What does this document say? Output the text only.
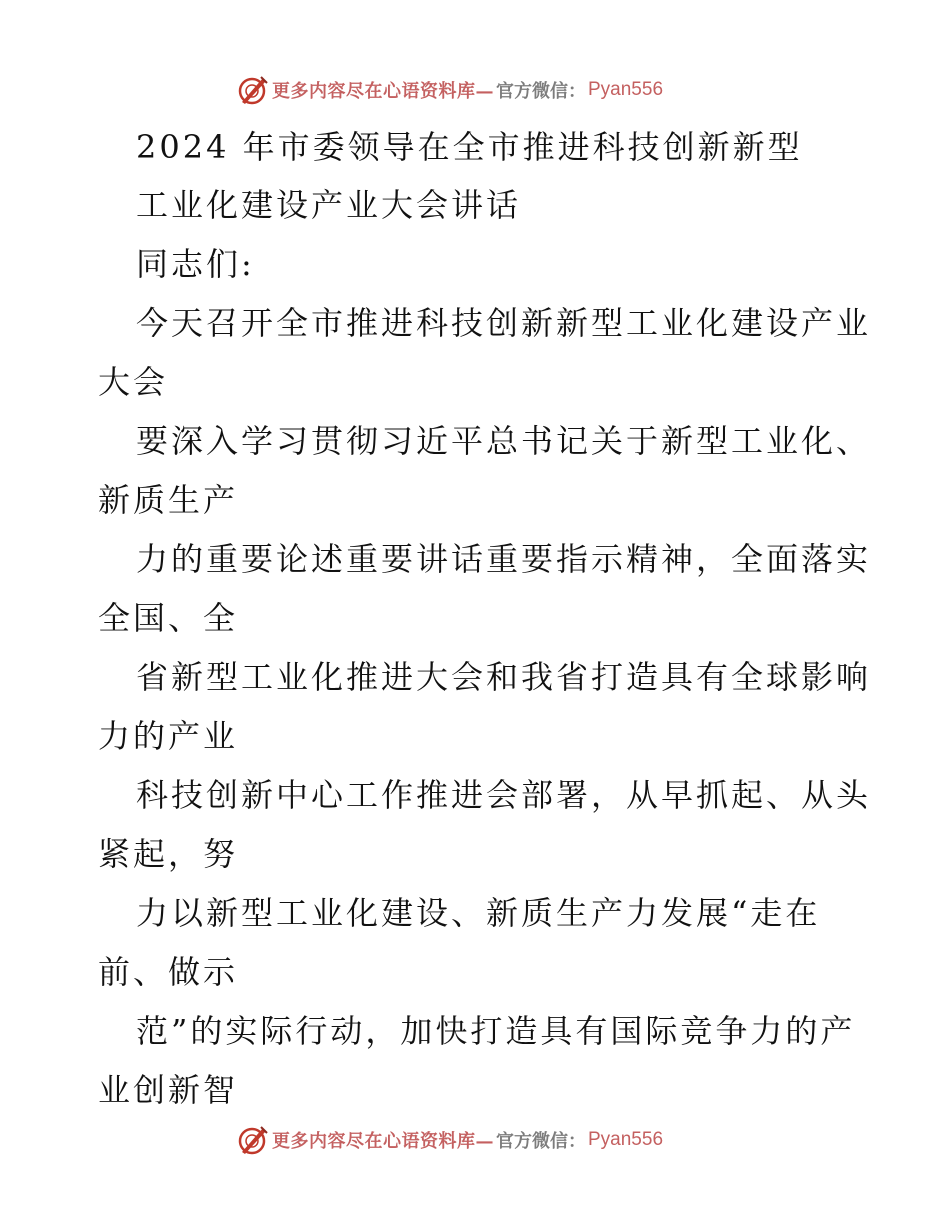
更多内容尽在心语资料库— 官方微信： Pyan556
2024 年市委领导在全市推进科技创新新型
工业化建设产业大会讲话
同志们:
今天召开全市推进科技创新新型工业化建设产业
大会
要深入学习贯彻习近平总书记关于新型工业化、
新质生产
力的重要论述重要讲话重要指示精神，全面落实
全国、全
省新型工业化推进大会和我省打造具有全球影响
力的产业
科技创新中心工作推进会部署，从早抓起、从头
紧起，努
力以新型工业化建设、新质生产力发展“走在
前、做示
范”的实际行动，加快打造具有国际竞争力的产
业创新智
更多内容尽在心语资料库— 官方微信： Pyan556
